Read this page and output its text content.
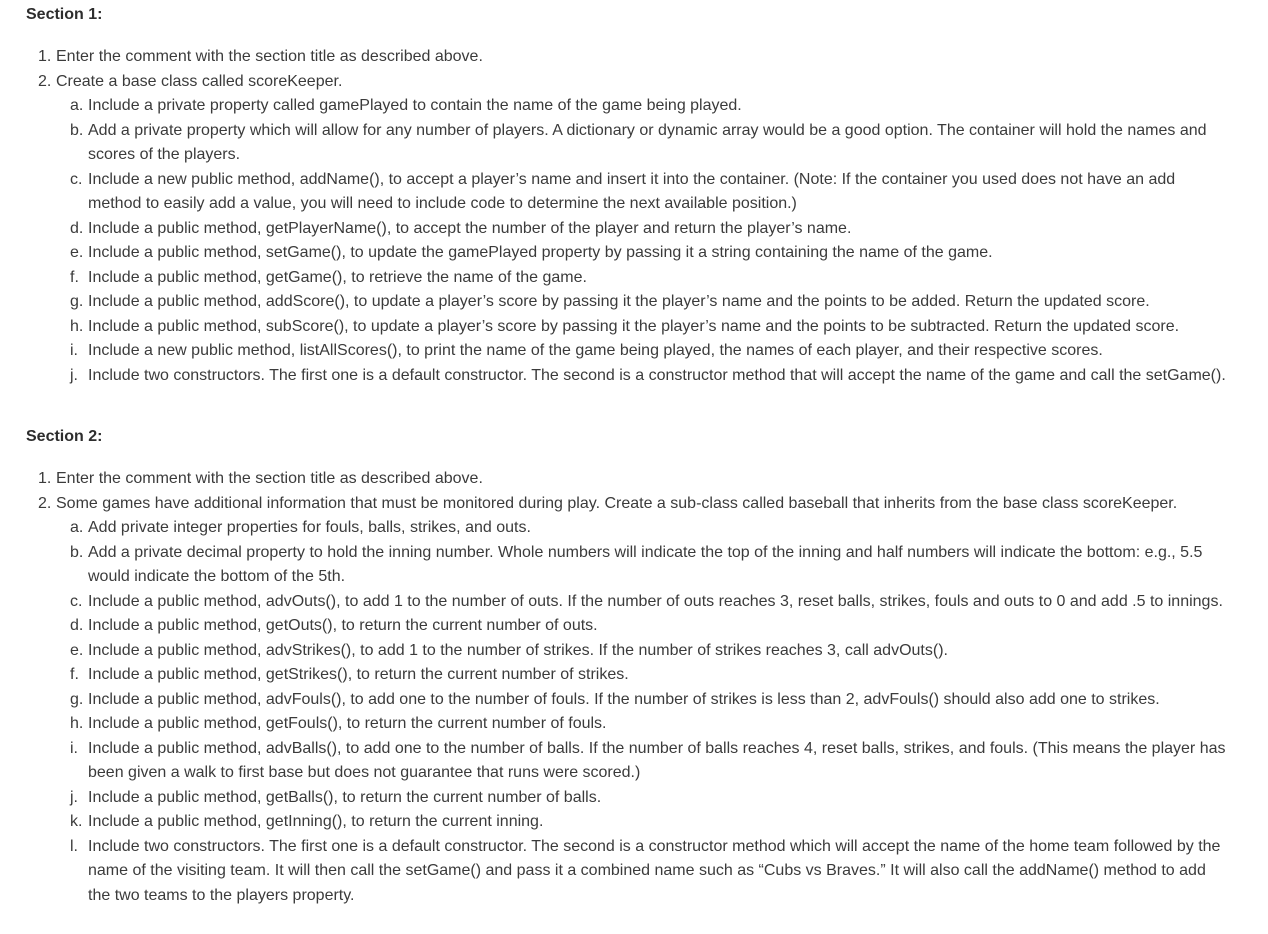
Section 1:
1. Enter the comment with the section title as described above.
2. Create a base class called scoreKeeper.
a. Include a private property called gamePlayed to contain the name of the game being played.
b. Add a private property which will allow for any number of players. A dictionary or dynamic array would be a good option. The container will hold the names and scores of the players.
c. Include a new public method, addName(), to accept a player’s name and insert it into the container. (Note: If the container you used does not have an add method to easily add a value, you will need to include code to determine the next available position.)
d. Include a public method, getPlayerName(), to accept the number of the player and return the player’s name.
e. Include a public method, setGame(), to update the gamePlayed property by passing it a string containing the name of the game.
f. Include a public method, getGame(), to retrieve the name of the game.
g. Include a public method, addScore(), to update a player’s score by passing it the player’s name and the points to be added. Return the updated score.
h. Include a public method, subScore(), to update a player’s score by passing it the player’s name and the points to be subtracted. Return the updated score.
i. Include a new public method, listAllScores(), to print the name of the game being played, the names of each player, and their respective scores.
j. Include two constructors. The first one is a default constructor. The second is a constructor method that will accept the name of the game and call the setGame().
Section 2:
1. Enter the comment with the section title as described above.
2. Some games have additional information that must be monitored during play. Create a sub-class called baseball that inherits from the base class scoreKeeper.
a. Add private integer properties for fouls, balls, strikes, and outs.
b. Add a private decimal property to hold the inning number. Whole numbers will indicate the top of the inning and half numbers will indicate the bottom: e.g., 5.5 would indicate the bottom of the 5th.
c. Include a public method, advOuts(), to add 1 to the number of outs. If the number of outs reaches 3, reset balls, strikes, fouls and outs to 0 and add .5 to innings.
d. Include a public method, getOuts(), to return the current number of outs.
e. Include a public method, advStrikes(), to add 1 to the number of strikes. If the number of strikes reaches 3, call advOuts().
f. Include a public method, getStrikes(), to return the current number of strikes.
g. Include a public method, advFouls(), to add one to the number of fouls. If the number of strikes is less than 2, advFouls() should also add one to strikes.
h. Include a public method, getFouls(), to return the current number of fouls.
i. Include a public method, advBalls(), to add one to the number of balls. If the number of balls reaches 4, reset balls, strikes, and fouls. (This means the player has been given a walk to first base but does not guarantee that runs were scored.)
j. Include a public method, getBalls(), to return the current number of balls.
k. Include a public method, getInning(), to return the current inning.
l. Include two constructors. The first one is a default constructor. The second is a constructor method which will accept the name of the home team followed by the name of the visiting team. It will then call the setGame() and pass it a combined name such as “Cubs vs Braves.” It will also call the addName() method to add the two teams to the players property.
